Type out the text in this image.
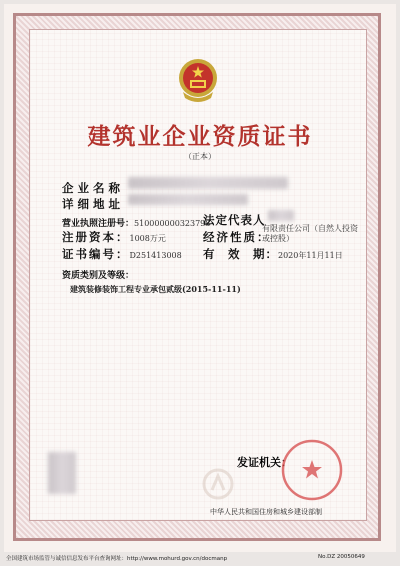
建筑业企业资质证书
（正本）
企业名称
详细地址
营业执照注册号：510000000323798
法定代表人
注册资本：1008万元	经济性质：
有限责任公司（自然人投资
或控股）
证书编号：D251413008 有　效　期：2020年11月11日
资质类别及等级：
建筑装修装饰工程专业承包贰级(2015-11-11)
发证机关：
中华人民共和国住房和城乡建设部制
全国建筑市场监管与诚信信息发布平台查询网址：http://www.mohurd.gov.cn/docmanp	No.DZ 20050649
